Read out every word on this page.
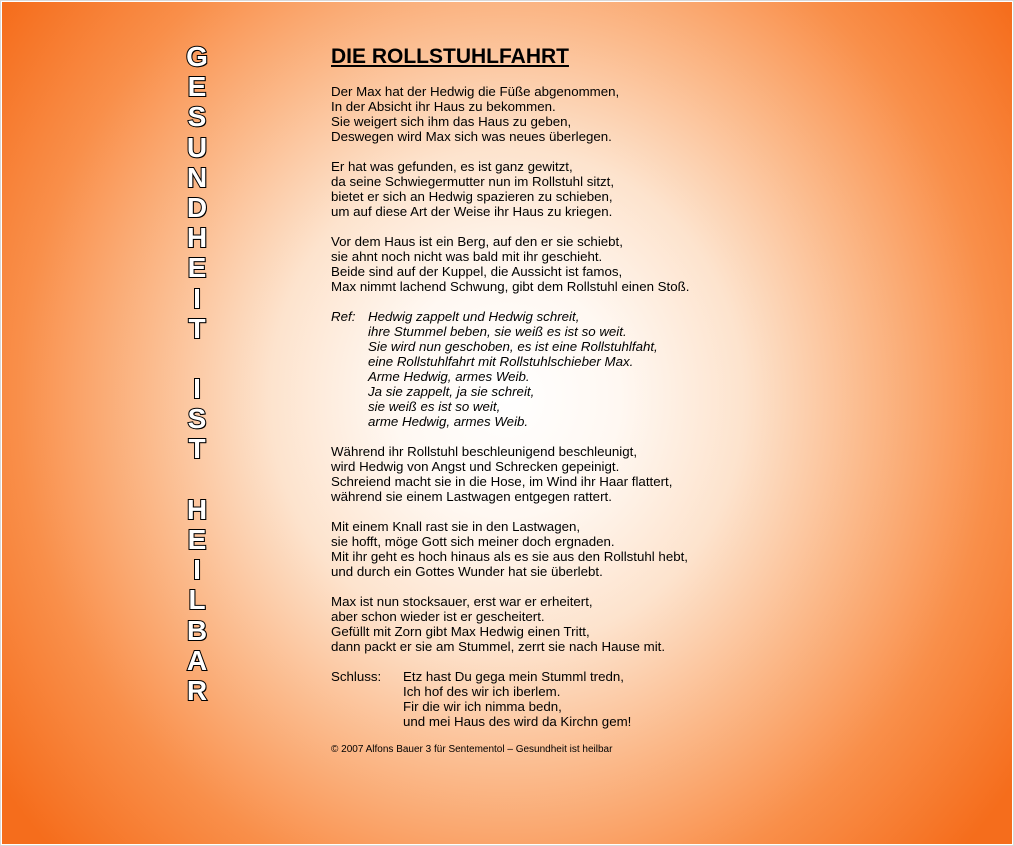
G
E
S
U
N
D
H
E
I
T
I
S
T
H
E
I
L
B
A
R
DIE ROLLSTUHLFAHRT
Der Max hat der Hedwig die Füße abgenommen,
In der Absicht ihr Haus zu bekommen.
Sie weigert sich ihm das Haus zu geben,
Deswegen wird Max sich was neues überlegen.
Er hat was gefunden, es ist ganz gewitzt,
da seine Schwiegermutter nun im Rollstuhl sitzt,
bietet er sich an Hedwig spazieren zu schieben,
um auf diese Art der Weise ihr Haus zu kriegen.
Vor dem Haus ist ein Berg, auf den er sie schiebt,
sie ahnt noch nicht was bald mit ihr geschieht.
Beide sind auf der Kuppel, die Aussicht ist famos,
Max nimmt lachend Schwung, gibt dem Rollstuhl einen Stoß.
Ref: Hedwig zappelt und Hedwig schreit,
ihre Stummel beben, sie weiß es ist so weit.
Sie wird nun geschoben, es ist eine Rollstuhlfaht,
eine Rollstuhlfahrt mit Rollstuhlschieber Max.
Arme Hedwig, armes Weib.
Ja sie zappelt, ja sie schreit,
sie weiß es ist so weit,
arme Hedwig, armes Weib.
Während ihr Rollstuhl beschleunigend beschleunigt,
wird Hedwig von Angst und Schrecken gepeinigt.
Schreiend macht sie in die Hose, im Wind ihr Haar flattert,
während sie einem Lastwagen entgegen rattert.
Mit einem Knall rast sie in den Lastwagen,
sie hofft, möge Gott sich meiner doch ergnaden.
Mit ihr geht es hoch hinaus als es sie aus den Rollstuhl hebt,
und durch ein Gottes Wunder hat sie überlebt.
Max ist nun stocksauer, erst war er erheitert,
aber schon wieder ist er gescheitert.
Gefüllt mit Zorn gibt Max Hedwig einen Tritt,
dann packt er sie am Stummel, zerrt sie nach Hause mit.
Schluss:	Etz hast Du gega mein Stumml tredn,
Ich hof des wir ich iberlem.
Fir die wir ich nimma bedn,
und mei Haus des wird da Kirchn gem!
© 2007 Alfons Bauer 3 für Sentementol – Gesundheit ist heilbar
